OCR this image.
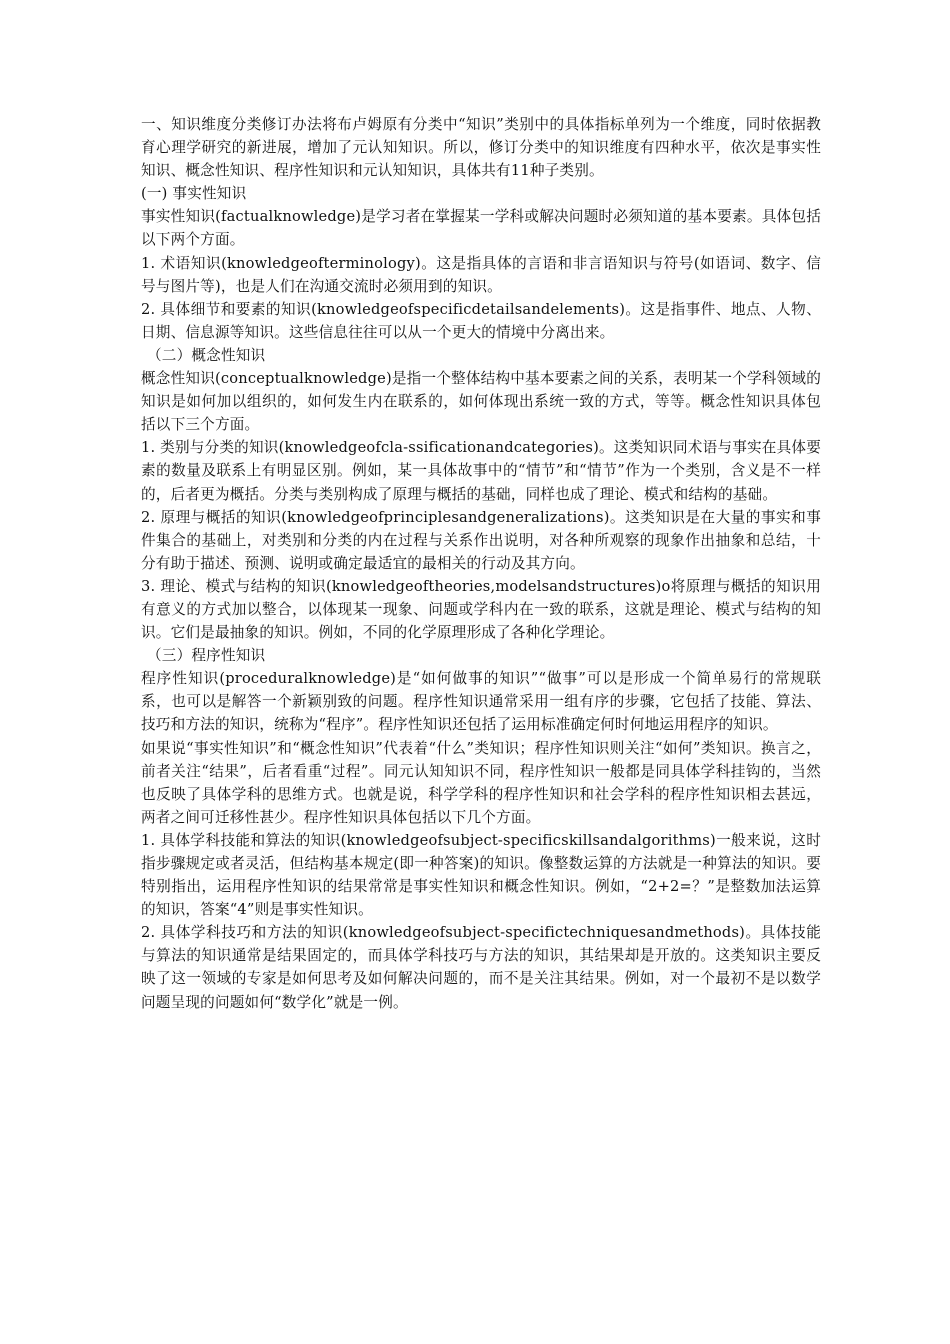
一、知识维度分类修订办法将布卢姆原有分类中“知识”类别中的具体指标单列为一个维度，同时依据教育心理学研究的新进展，增加了元认知知识。所以，修订分类中的知识维度有四种水平，依次是事实性知识、概念性知识、程序性知识和元认知知识，具体共有11种子类别。

(一) 事实性知识

事实性知识(factualknowledge)是学习者在掌握某一学科或解决问题时必须知道的基本要素。具体包括以下两个方面。

1. 术语知识(knowledgeofterminology)。这是指具体的言语和非言语知识与符号(如语词、数字、信号与图片等)，也是人们在沟通交流时必须用到的知识。

2. 具体细节和要素的知识(knowledgeofspecificdetailsandelements)。这是指事件、地点、人物、日期、信息源等知识。这些信息往往可以从一个更大的情境中分离出来。

（二）概念性知识

概念性知识(conceptualknowledge)是指一个整体结构中基本要素之间的关系，表明某一个学科领域的知识是如何加以组织的，如何发生内在联系的，如何体现出系统一致的方式，等等。概念性知识具体包括以下三个方面。

1. 类别与分类的知识(knowledgeofcla-ssificationandcategories)。这类知识同术语与事实在具体要素的数量及联系上有明显区别。例如，某一具体故事中的“情节”和“情节”作为一个类别，含义是不一样的，后者更为概括。分类与类别构成了原理与概括的基础，同样也成了理论、模式和结构的基础。

2. 原理与概括的知识(knowledgeofprinciplesandgeneralizations)。这类知识是在大量的事实和事件集合的基础上，对类别和分类的内在过程与关系作出说明，对各种所观察的现象作出抽象和总结，十分有助于描述、预测、说明或确定最适宜的最相关的行动及其方向。

3. 理论、模式与结构的知识(knowledgeoftheories,modelsandstructures)o将原理与概括的知识用有意义的方式加以整合，以体现某一现象、问题或学科内在一致的联系，这就是理论、模式与结构的知识。它们是最抽象的知识。例如，不同的化学原理形成了各种化学理论。

（三）程序性知识

程序性知识(proceduralknowledge)是“如何做事的知识”“做事”可以是形成一个简单易行的常规联系，也可以是解答一个新颖别致的问题。程序性知识通常采用一组有序的步骤，它包括了技能、算法、技巧和方法的知识，统称为“程序”。程序性知识还包括了运用标准确定何时何地运用程序的知识。

如果说“事实性知识”和“概念性知识”代表着“什么”类知识；程序性知识则关注“如何”类知识。换言之，前者关注“结果”，后者看重“过程”。同元认知知识不同，程序性知识一般都是同具体学科挂钩的，当然也反映了具体学科的思维方式。也就是说，科学学科的程序性知识和社会学科的程序性知识相去甚远，两者之间可迁移性甚少。程序性知识具体包括以下几个方面。

1. 具体学科技能和算法的知识(knowledgeofsubject-specificskillsandalgorithms)一般来说，这时指步骤规定或者灵活，但结构基本规定(即一种答案)的知识。像整数运算的方法就是一种算法的知识。要特别指出，运用程序性知识的结果常常是事实性知识和概念性知识。例如，“2+2=？”是整数加法运算的知识，答案“4”则是事实性知识。

2. 具体学科技巧和方法的知识(knowledgeofsubject-specifictechniquesandmethods)。具体技能与算法的知识通常是结果固定的，而具体学科技巧与方法的知识，其结果却是开放的。这类知识主要反映了这一领域的专家是如何思考及如何解决问题的，而不是关注其结果。例如，对一个最初不是以数学问题呈现的问题如何“数学化”就是一例。
